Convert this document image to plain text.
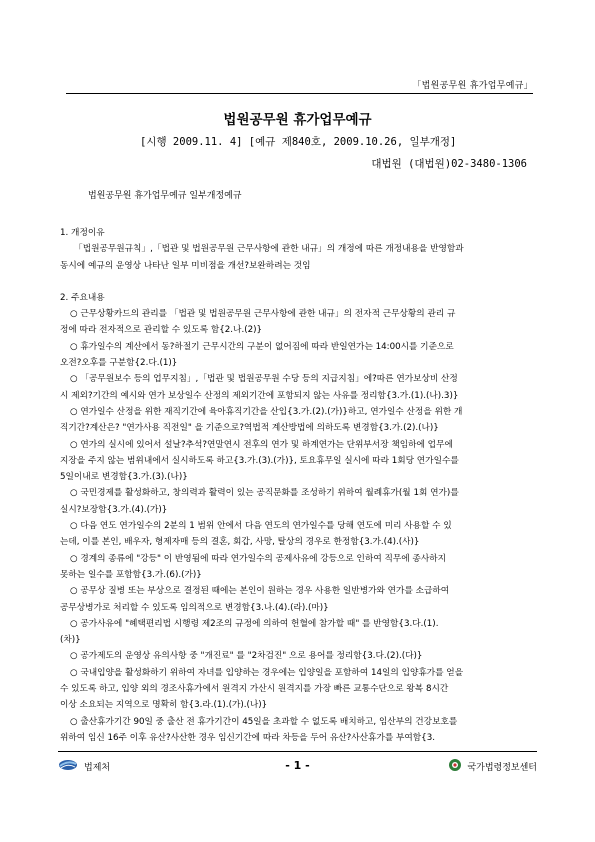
「법원공무원 휴가업무예규」
법원공무원 휴가업무예규
[시행 2009.11. 4] [예규 제840호, 2009.10.26, 일부개정]
대법원 (대법원)02-3480-1306
법원공무원 휴가업무예규 일부개정예규
1. 개정이유
「법원공무원규칙」,「법관 및 법원공무원 근무사항에 관한 내규」의 개정에 따른 개정내용을 반영함과
동시에 예규의 운영상 나타난 일부 미비점을 개선?보완하려는 것임
2. 주요내용
○ 근무상황카드의 관리를 「법관 및 법원공무원 근무사항에 관한 내규」의 전자적 근무상황의 관리 규
정에 따라 전자적으로 관리할 수 있도록 함{2.나.(2)}
○ 휴가일수의 계산에서 동?하절기 근무시간의 구분이 없어짐에 따라 반일연가는 14:00시를 기준으로
오전?오후를 구분함{2.다.(1)}
○ 「공무원보수 등의 업무지침」,「법관 및 법원공무원 수당 등의 지급지침」에?따른 연가보상비 산정
시 제외?기간의 예시와 연가 보상일수 산정의 제외기간에 포함되지 않는 사유를 정리함{3.가.(1).(나).3)}
○ 연가일수 산정을 위한 재직기간에 육아휴직기간을 산입{3.가.(2).(가)}하고, 연가일수 산정을 위한 개
직기간?계산은? "연가사용 직전일" 을 기준으로?역법적 계산방법에 의하도록 변경함{3.가.(2).(나)}
○ 연가의 실시에 있어서 설날?추석?연말연시 전후의 연가 및 하계연가는 단위부서장 책임하에 업무에
지장을 주지 않는 범위내에서 실시하도록 하고{3.가.(3).(가)}, 토요휴무일 실시에 따라 1회당 연가일수를
5일이내로 변경함{3.가.(3).(나)}
○ 국민경제를 활성화하고, 창의력과 활력이 있는 공직문화를 조성하기 위하여 월례휴가(월 1회 연가)를
실시?보장함{3.가.(4).(가)}
○ 다음 연도 연가일수의 2분의 1 범위 안에서 다음 연도의 연가일수를 당해 연도에 미리 사용할 수 있
는데, 이를 본인, 배우자, 형제자매 등의 결혼, 회갑, 사망, 탈상의 경우로 한정함{3.가.(4).(사)}
○ 경계의 종류에 "강등" 이 반영됨에 따라 연가일수의 공제사유에 강등으로 인하여 직무에 종사하지
못하는 일수를 포함함{3.가.(6).(가)}
○ 공무상 질병 또는 부상으로 결정된 때에는 본인이 원하는 경우 사용한 일반병가와 연가를 소급하여
공무상병가로 처리할 수 있도록 임의적으로 변경함{3.나.(4).(라).(마)}
○ 공가사유에 "혜택편리법 시행령 제2조의 규정에 의하여 헌혈에 참가할 때" 를 반영함{3.다.(1).
(차)}
○ 공가제도의 운영상 유의사항 중 "개진료" 를 "2차검진" 으로 용어를 정리함{3.다.(2).(다)}
○ 국내입양을 활성화하기 위하여 자녀를 입양하는 경우에는 입양일을 포함하여 14일의 입양휴가를 얻을
수 있도록 하고, 입양 외의 경조사휴가에서 원격지 가산시 원격지를 가장 빠른 교통수단으로 왕복 8시간
이상 소요되는 지역으로 명확히 함{3.라.(1).(가).(나)}
○ 출산휴가기간 90일 중 출산 전 휴가기간이 45일을 초과할 수 없도록 배치하고, 임산부의 건강보호를
위하여 임신 16주 이후 유산?사산한 경우 임신기간에 따라 차등을 두어 유산?사산휴가를 부여함{3.
법제처	- 1 -	국가법령정보센터
